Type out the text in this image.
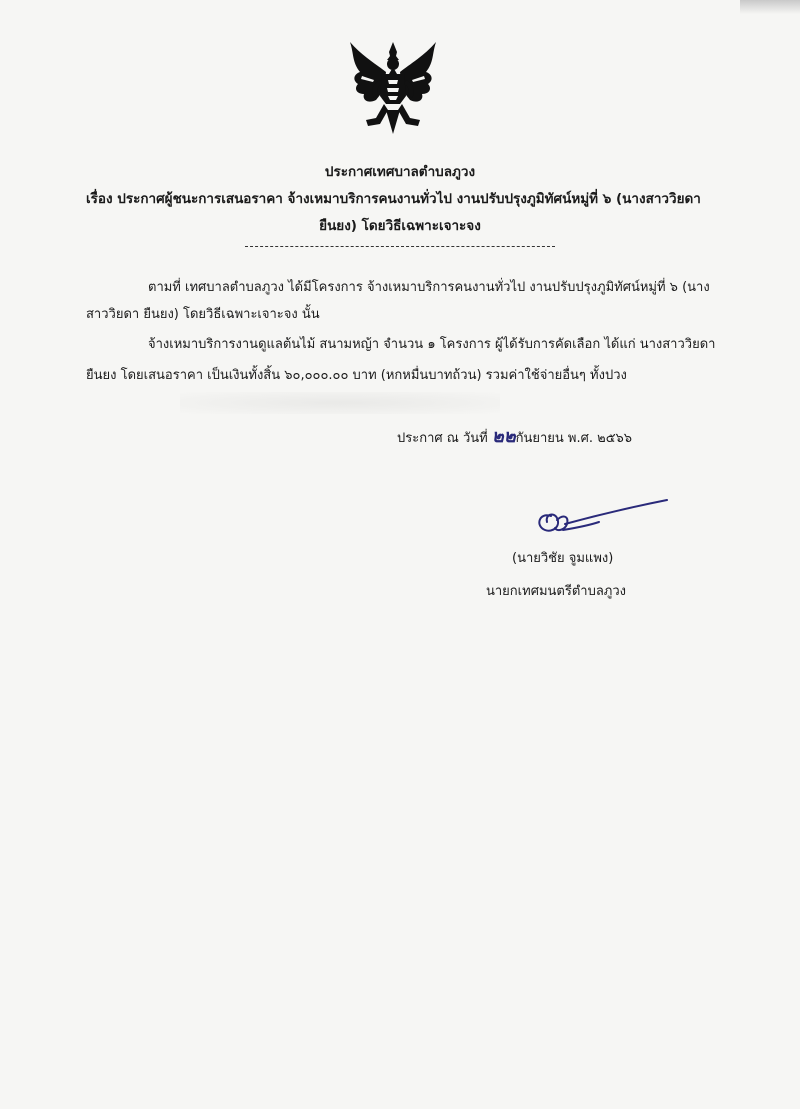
ประกาศเทศบาลตำบลภูวง
เรื่อง ประกาศผู้ชนะการเสนอราคา จ้างเหมาบริการคนงานทั่วไป งานปรับปรุงภูมิทัศน์หมู่ที่ ๖ (นางสาววิยดา
ยืนยง) โดยวิธีเฉพาะเจาะจง
ตามที่ เทศบาลตำบลภูวง ได้มีโครงการ จ้างเหมาบริการคนงานทั่วไป งานปรับปรุงภูมิทัศน์หมู่ที่ ๖ (นาง
สาววิยดา ยืนยง) โดยวิธีเฉพาะเจาะจง นั้น
จ้างเหมาบริการงานดูแลต้นไม้ สนามหญ้า จำนวน ๑ โครงการ ผู้ได้รับการคัดเลือก ได้แก่ นางสาววิยดา
ยืนยง โดยเสนอราคา เป็นเงินทั้งสิ้น ๖๐,๐๐๐.๐๐ บาท (หกหมื่นบาทถ้วน) รวมค่าใช้จ่ายอื่นๆ ทั้งปวง
ประกาศ ณ วันที่ ๒๒กันยายน พ.ศ. ๒๕๖๖
(นายวิชัย จูมแพง)
นายกเทศมนตรีตำบลภูวง
